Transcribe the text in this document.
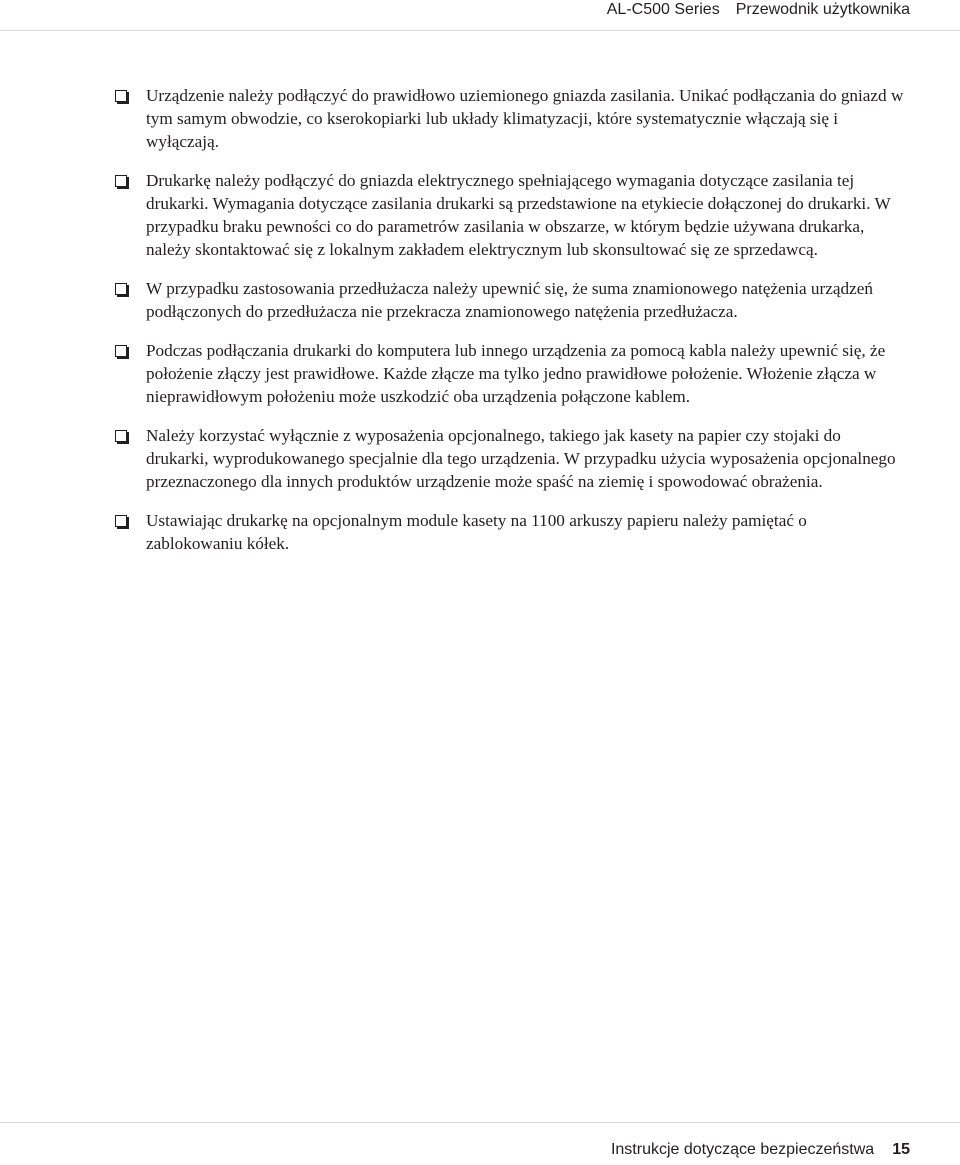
AL-C500 Series Przewodnik użytkownika
Urządzenie należy podłączyć do prawidłowo uziemionego gniazda zasilania. Unikać podłączania do gniazd w tym samym obwodzie, co kserokopiarki lub układy klimatyzacji, które systematycznie włączają się i wyłączają.
Drukarkę należy podłączyć do gniazda elektrycznego spełniającego wymagania dotyczące zasilania tej drukarki. Wymagania dotyczące zasilania drukarki są przedstawione na etykiecie dołączonej do drukarki. W przypadku braku pewności co do parametrów zasilania w obszarze, w którym będzie używana drukarka, należy skontaktować się z lokalnym zakładem elektrycznym lub skonsultować się ze sprzedawcą.
W przypadku zastosowania przedłużacza należy upewnić się, że suma znamionowego natężenia urządzeń podłączonych do przedłużacza nie przekracza znamionowego natężenia przedłużacza.
Podczas podłączania drukarki do komputera lub innego urządzenia za pomocą kabla należy upewnić się, że położenie złączy jest prawidłowe. Każde złącze ma tylko jedno prawidłowe położenie. Włożenie złącza w nieprawidłowym położeniu może uszkodzić oba urządzenia połączone kablem.
Należy korzystać wyłącznie z wyposażenia opcjonalnego, takiego jak kasety na papier czy stojaki do drukarki, wyprodukowanego specjalnie dla tego urządzenia. W przypadku użycia wyposażenia opcjonalnego przeznaczonego dla innych produktów urządzenie może spaść na ziemię i spowodować obrażenia.
Ustawiając drukarkę na opcjonalnym module kasety na 1100 arkuszy papieru należy pamiętać o zablokowaniu kółek.
Instrukcje dotyczące bezpieczeństwa 15
